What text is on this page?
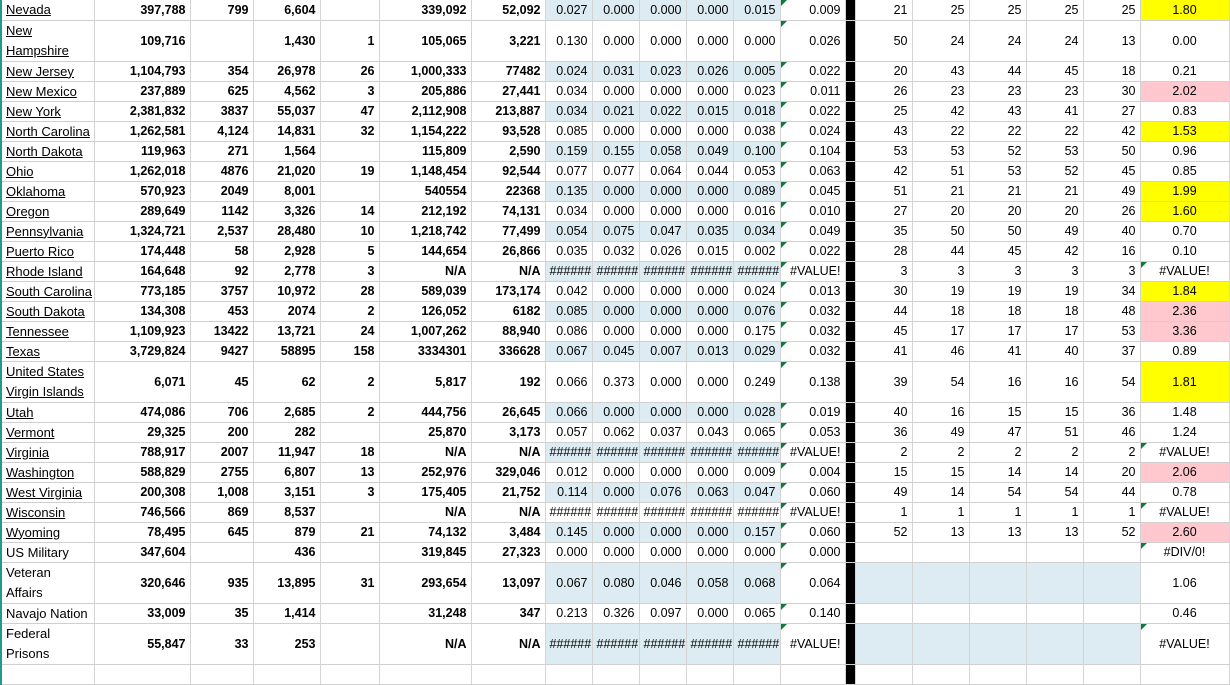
Nevada	397,788	799	6,604		339,092	52,092	0.027	0.000	0.000	0.000	0.015	0.009		21	25	25	25	25	1.80
New Hampshire	109,716		1,430	1	105,065	3,221	0.130	0.000	0.000	0.000	0.000	0.026		50	24	24	24	13	0.00
New Jersey	1,104,793	354	26,978	26	1,000,333	77482	0.024	0.031	0.023	0.026	0.005	0.022		20	43	44	45	18	0.21
New Mexico	237,889	625	4,562	3	205,886	27,441	0.034	0.000	0.000	0.000	0.023	0.011		26	23	23	23	30	2.02
New York	2,381,832	3837	55,037	47	2,112,908	213,887	0.034	0.021	0.022	0.015	0.018	0.022		25	42	43	41	27	0.83
North Carolina	1,262,581	4,124	14,831	32	1,154,222	93,528	0.085	0.000	0.000	0.000	0.038	0.024		43	22	22	22	42	1.53
North Dakota	119,963	271	1,564		115,809	2,590	0.159	0.155	0.058	0.049	0.100	0.104		53	53	52	53	50	0.96
Ohio	1,262,018	4876	21,020	19	1,148,454	92,544	0.077	0.077	0.064	0.044	0.053	0.063		42	51	53	52	45	0.85
Oklahoma	570,923	2049	8,001		540554	22368	0.135	0.000	0.000	0.000	0.089	0.045		51	21	21	21	49	1.99
Oregon	289,649	1142	3,326	14	212,192	74,131	0.034	0.000	0.000	0.000	0.016	0.010		27	20	20	20	26	1.60
Pennsylvania	1,324,721	2,537	28,480	10	1,218,742	77,499	0.054	0.075	0.047	0.035	0.034	0.049		35	50	50	49	40	0.70
Puerto Rico	174,448	58	2,928	5	144,654	26,866	0.035	0.032	0.026	0.015	0.002	0.022		28	44	45	42	16	0.10
Rhode Island	164,648	92	2,778	3	N/A	N/A	######	######	######	######	######	#VALUE!		3	3	3	3	3	#VALUE!
South Carolina	773,185	3757	10,972	28	589,039	173,174	0.042	0.000	0.000	0.000	0.024	0.013		30	19	19	19	34	1.84
South Dakota	134,308	453	2074	2	126,052	6182	0.085	0.000	0.000	0.000	0.076	0.032		44	18	18	18	48	2.36
Tennessee	1,109,923	13422	13,721	24	1,007,262	88,940	0.086	0.000	0.000	0.000	0.175	0.032		45	17	17	17	53	3.36
Texas	3,729,824	9427	58895	158	3334301	336628	0.067	0.045	0.007	0.013	0.029	0.032		41	46	41	40	37	0.89
United States Virgin Islands	6,071	45	62	2	5,817	192	0.066	0.373	0.000	0.000	0.249	0.138		39	54	16	16	54	1.81
Utah	474,086	706	2,685	2	444,756	26,645	0.066	0.000	0.000	0.000	0.028	0.019		40	16	15	15	36	1.48
Vermont	29,325	200	282		25,870	3,173	0.057	0.062	0.037	0.043	0.065	0.053		36	49	47	51	46	1.24
Virginia	788,917	2007	11,947	18	N/A	N/A	######	######	######	######	######	#VALUE!		2	2	2	2	2	#VALUE!
Washington	588,829	2755	6,807	13	252,976	329,046	0.012	0.000	0.000	0.000	0.009	0.004		15	15	14	14	20	2.06
West Virginia	200,308	1,008	3,151	3	175,405	21,752	0.114	0.000	0.076	0.063	0.047	0.060		49	14	54	54	44	0.78
Wisconsin	746,566	869	8,537		N/A	N/A	######	######	######	######	######	#VALUE!		1	1	1	1	1	#VALUE!
Wyoming	78,495	645	879	21	74,132	3,484	0.145	0.000	0.000	0.000	0.157	0.060		52	13	13	13	52	2.60
US Military	347,604		436		319,845	27,323	0.000	0.000	0.000	0.000	0.000	0.000							#DIV/0!
Veteran Affairs	320,646	935	13,895	31	293,654	13,097	0.067	0.080	0.046	0.058	0.068	0.064							1.06
Navajo Nation	33,009	35	1,414		31,248	347	0.213	0.326	0.097	0.000	0.065	0.140							0.46
Federal Prisons	55,847	33	253		N/A	N/A	######	######	######	######	######	#VALUE!							#VALUE!
